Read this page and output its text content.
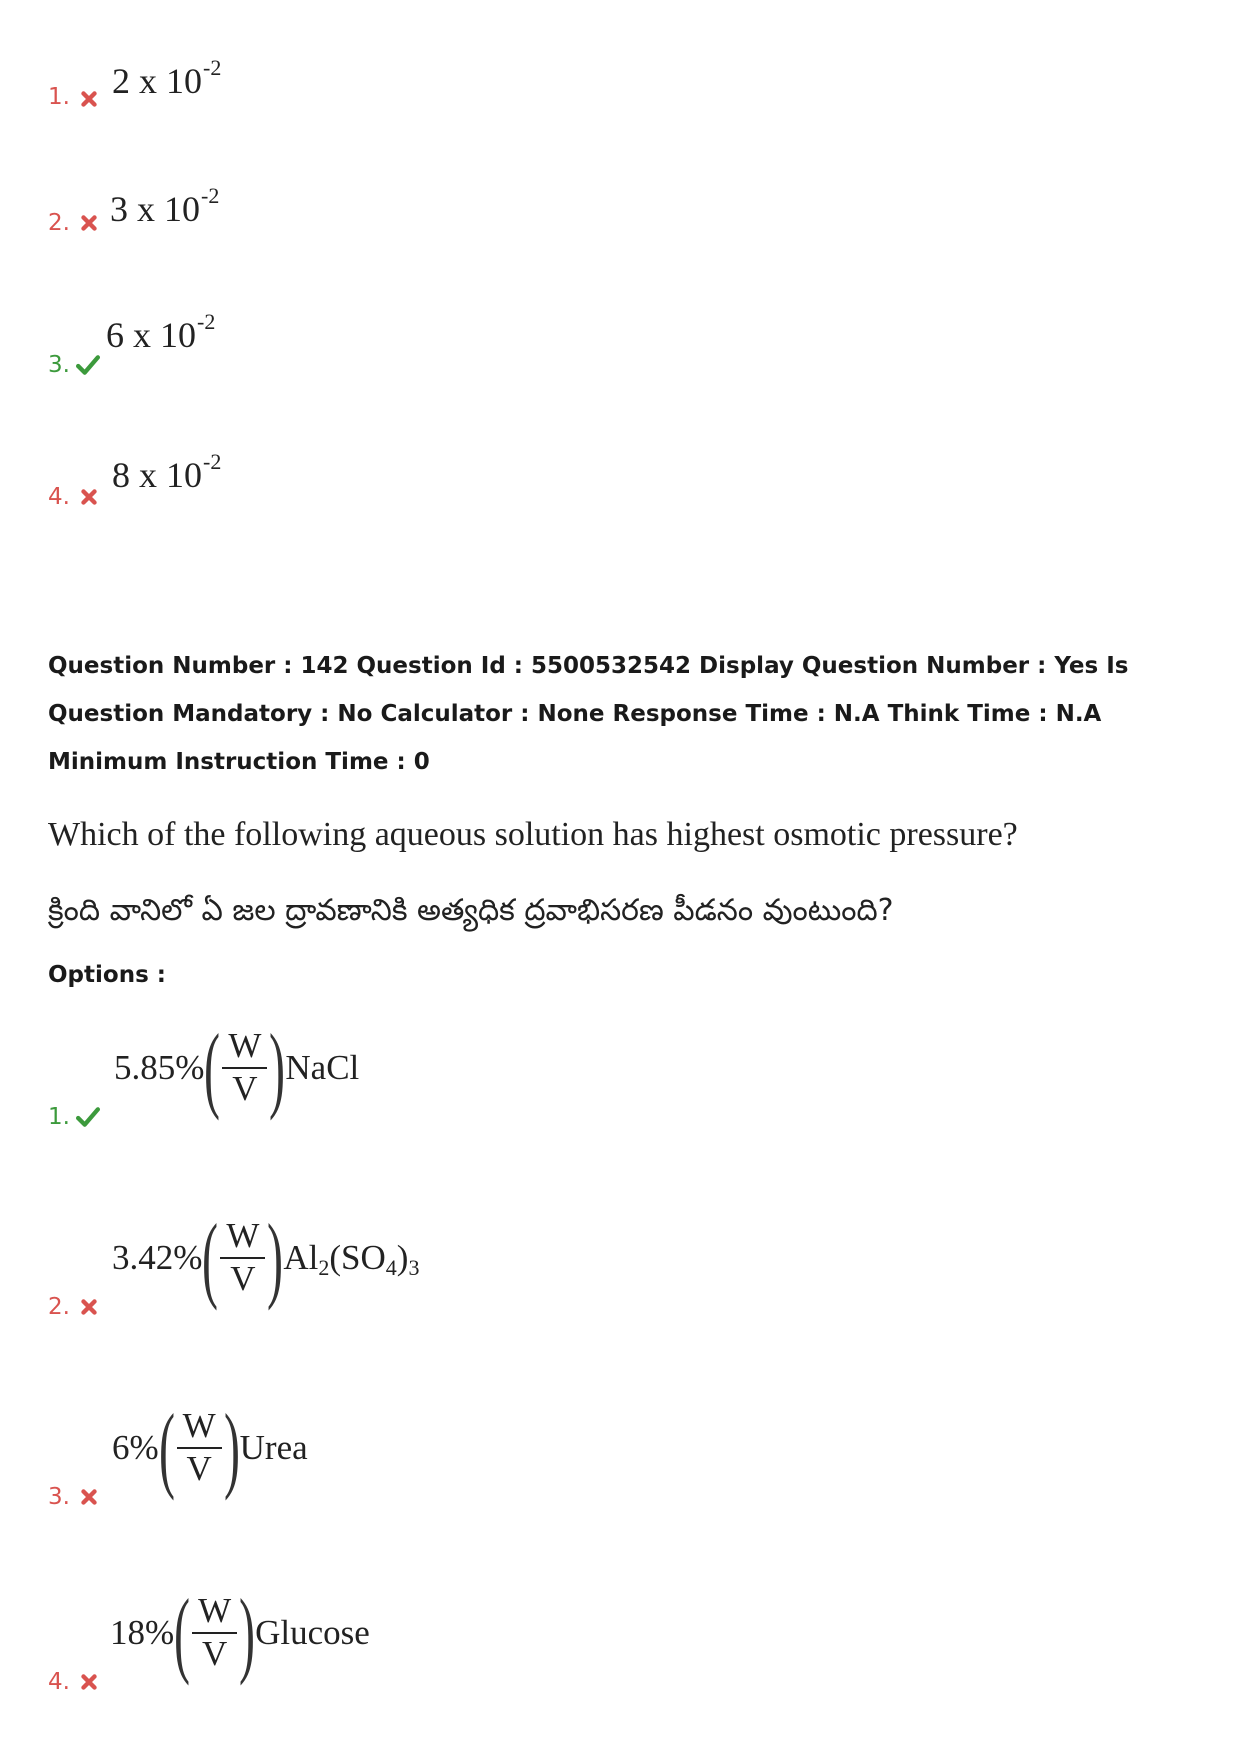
1. 2 x $10^{-2}$
2. 3 x $10^{-2}$
3.
6 x $10^{-2}$
4.
8 x $10^{-2}$
Question Number : 142 Question Id : 5500532542 Display Question Number : Yes Is Question Mandatory : No Calculator : None Response Time : N.A Think Time : N.A Minimum Instruction Time : 0
Which of the following aqueous solution has highest osmotic pressure?
క్రింది వానిలో ఏ జల ద్రావణానికి అత్యధిక ద్రవాభిసరణ పీడనం వుంటుంది?
Options :
1.
5.85% ( $\frac{W}{V}$ ) NaCl
2.
3.42% ( $\frac{W}{V}$ ) Al 2 (SO 4 ) 3
3.
6% ( $\frac{W}{V}$ ) Urea
4.
18% ( $\frac{W}{V}$ ) Glucose
